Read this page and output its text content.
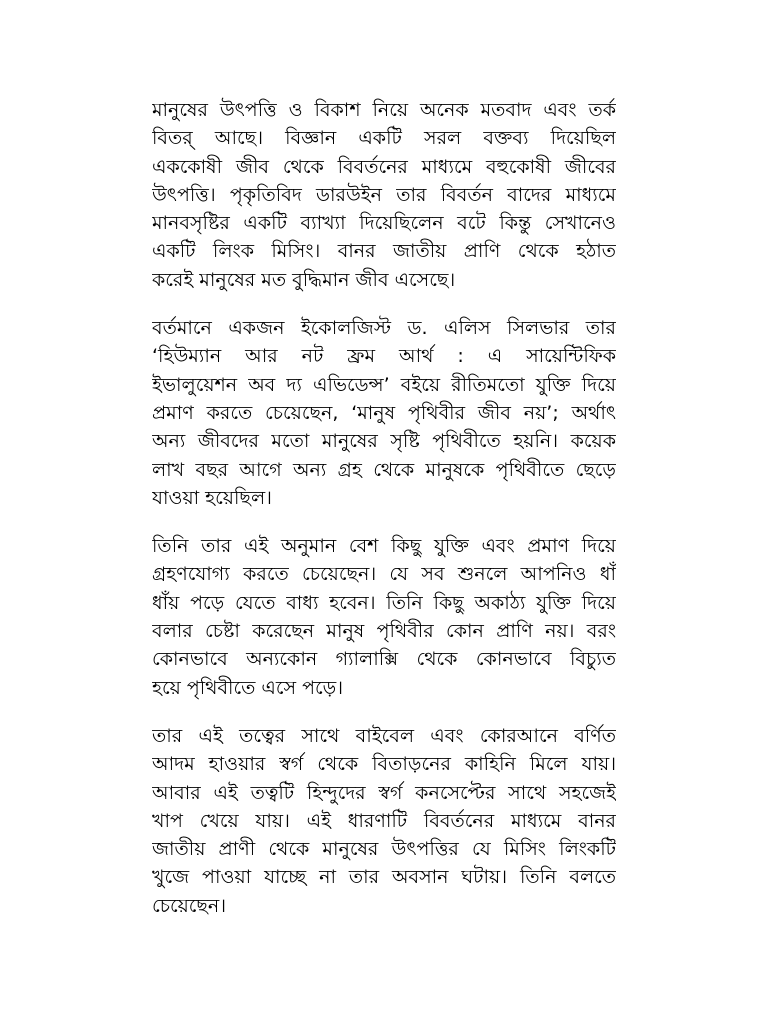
মানুষের উৎপত্তি ও বিকাশ নিয়ে অনেক মতবাদ এবং তর্ক
বিতর্ আছে। বিজ্ঞান একটি সরল বক্তব্য দিয়েছিল
এককোষী জীব থেকে বিবর্তনের মাধ্যমে বহুকোষী জীবের
উৎপত্তি। পৃকৃতিবিদ ডারউইন তার বিবর্তন বাদের মাধ্যমে
মানবসৃষ্টির একটি ব্যাখ্যা দিয়েছিলেন বটে কিন্তু সেখানেও
একটি লিংক মিসিং। বানর জাতীয় প্রাণি থেকে হঠাত
করেই মানুষের মত বুদ্ধিমান জীব এসেছে।

বর্তমানে একজন ইকোলজিস্ট ড. এলিস সিলভার তার
‘হিউম্যান আর নট ফ্রম আর্থ : এ সায়েন্টিফিক
ইভালুয়েশন অব দ্য এভিডেন্স’ বইয়ে রীতিমতো যুক্তি দিয়ে
প্রমাণ করতে চেয়েছেন, ‘মানুষ পৃথিবীর জীব নয়’; অর্থাৎ
অন্য জীবদের মতো মানুষের সৃষ্টি পৃথিবীতে হয়নি। কয়েক
লাখ বছর আগে অন্য গ্রহ থেকে মানুষকে পৃথিবীতে ছেড়ে
যাওয়া হয়েছিল।

তিনি তার এই অনুমান বেশ কিছু যুক্তি এবং প্রমাণ দিয়ে
গ্রহণযোগ্য করতে চেয়েছেন। যে সব শুনলে আপনিও ধাঁ
ধাঁয় পড়ে যেতে বাধ্য হবেন। তিনি কিছু অকাঠ্য যুক্তি দিয়ে
বলার চেষ্টা করেছেন মানুষ পৃথিবীর কোন প্রাণি নয়। বরং
কোনভাবে অন্যকোন গ্যালাক্সি থেকে কোনভাবে বিচ্যুত
হয়ে পৃথিবীতে এসে পড়ে।

তার এই তত্বের সাথে বাইবেল এবং কোরআনে বর্ণিত
আদম হাওয়ার স্বর্গ থেকে বিতাড়নের কাহিনি মিলে যায়।
আবার এই তত্বটি হিন্দুদের স্বর্গ কনসেপ্টের সাথে সহজেই
খাপ খেয়ে যায়। এই ধারণাটি বিবর্তনের মাধ্যমে বানর
জাতীয় প্রাণী থেকে মানুষের উৎপত্তির যে মিসিং লিংকটি
খুজে পাওয়া যাচ্ছে না তার অবসান ঘটায়। তিনি বলতে
চেয়েছেন।
